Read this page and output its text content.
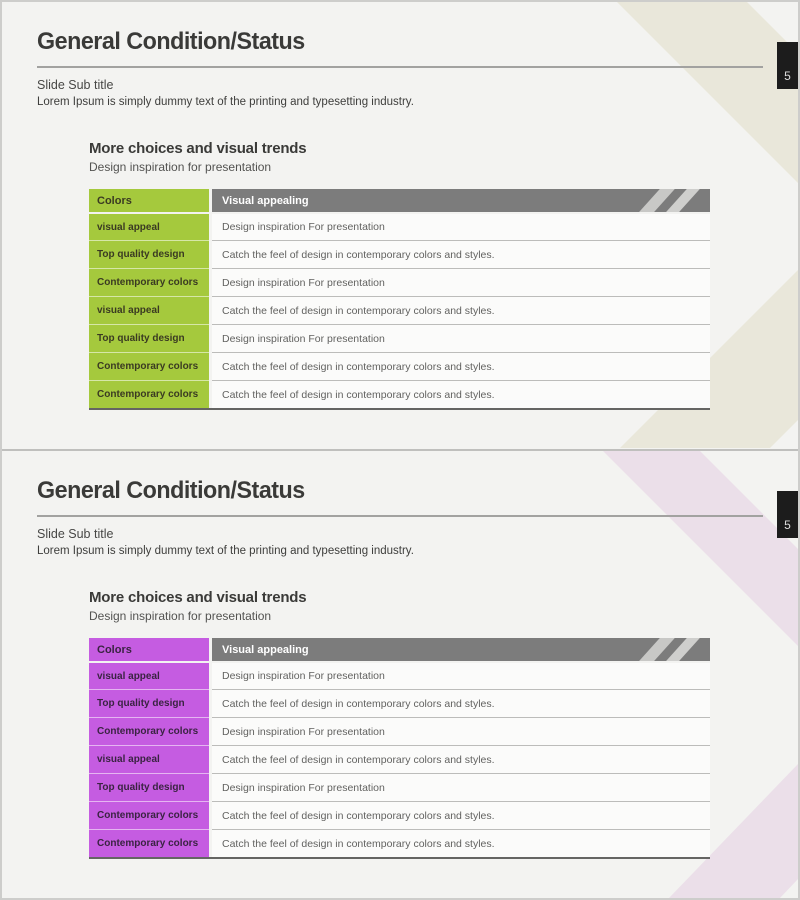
General Condition/Status
Slide Sub title
Lorem Ipsum is simply dummy text of the printing and typesetting industry.
5
More choices and visual trends
Design inspiration for presentation
Colors	Visual appealing
visual appeal	Design inspiration For presentation
Top quality design	Catch the feel of design in contemporary colors and styles.
Contemporary colors	Design inspiration For presentation
visual appeal	Catch the feel of design in contemporary colors and styles.
Top quality design	Design inspiration For presentation
Contemporary colors	Catch the feel of design in contemporary colors and styles.
Contemporary colors	Catch the feel of design in contemporary colors and styles.
General Condition/Status
Slide Sub title
Lorem Ipsum is simply dummy text of the printing and typesetting industry.
5
More choices and visual trends
Design inspiration for presentation
Colors	Visual appealing
visual appeal	Design inspiration For presentation
Top quality design	Catch the feel of design in contemporary colors and styles.
Contemporary colors	Design inspiration For presentation
visual appeal	Catch the feel of design in contemporary colors and styles.
Top quality design	Design inspiration For presentation
Contemporary colors	Catch the feel of design in contemporary colors and styles.
Contemporary colors	Catch the feel of design in contemporary colors and styles.
